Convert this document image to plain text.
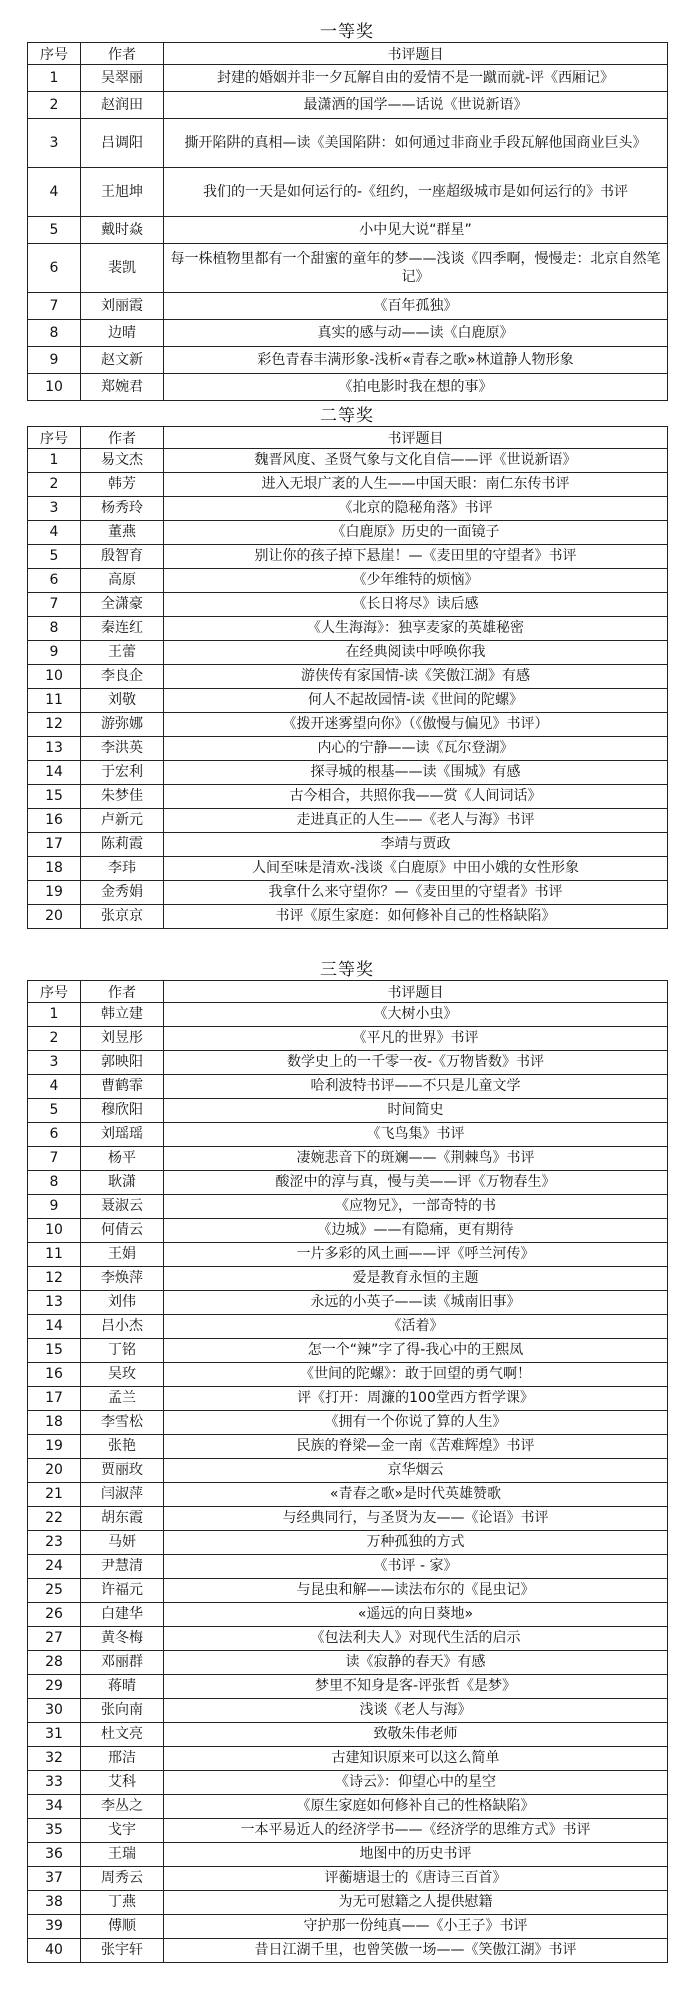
一等奖
序号	作者	书评题目
1	吴翠丽	封建的婚姻并非一夕瓦解自由的爱情不是一蹴而就-评《西厢记》
2	赵润田	最潇洒的国学——话说《世说新语》
3	吕调阳	撕开陷阱的真相—读《美国陷阱：如何通过非商业手段瓦解他国商业巨头》
4	王旭坤	我们的一天是如何运行的-《纽约，一座超级城市是如何运行的》书评
5	戴时焱	小中见大说“群星”
6	裴凯	每一株植物里都有一个甜蜜的童年的梦——浅谈《四季啊，慢慢走：北京自然笔记》
7	刘丽霞	《百年孤独》
8	边晴	真实的感与动——读《白鹿原》
9	赵文新	彩色青春丰满形象-浅析«青春之歌»林道静人物形象
10	郑婉君	《拍电影时我在想的事》
二等奖
序号	作者	书评题目
1	易文杰	魏晋风度、圣贤气象与文化自信——评《世说新语》
2	韩芳	进入无垠广袤的人生——中国天眼：南仁东传书评
3	杨秀玲	《北京的隐秘角落》书评
4	董燕	《白鹿原》历史的一面镜子
5	殷智育	别让你的孩子掉下悬崖！—《麦田里的守望者》书评
6	高原	《少年维特的烦恼》
7	全潇豪	《长日将尽》读后感
8	秦连红	《人生海海》：独享麦家的英雄秘密
9	王蕾	在经典阅读中呼唤你我
10	李良企	游侠传有家国情-读《笑傲江湖》有感
11	刘敬	何人不起故园情-读《世间的陀螺》
12	游弥娜	《拨开迷雾望向你》（《傲慢与偏见》书评）
13	李洪英	内心的宁静——读《瓦尔登湖》
14	于宏利	探寻城的根基——读《围城》有感
15	朱梦佳	古今相合，共照你我——赏《人间词话》
16	卢新元	走进真正的人生——《老人与海》书评
17	陈莉霞	李靖与贾政
18	李玮	人间至味是清欢-浅谈《白鹿原》中田小娥的女性形象
19	金秀娟	我拿什么来守望你？—《麦田里的守望者》书评
20	张京京	书评《原生家庭：如何修补自己的性格缺陷》
三等奖
序号	作者	书评题目
1	韩立建	《大树小虫》
2	刘昱彤	《平凡的世界》书评
3	郭映阳	数学史上的一千零一夜-《万物皆数》书评
4	曹鹤霏	哈利波特书评——不只是儿童文学
5	穆欣阳	时间简史
6	刘瑶瑶	《飞鸟集》书评
7	杨平	凄婉悲音下的斑斓——《荆棘鸟》书评
8	耿潇	酸涩中的淳与真，慢与美——评《万物春生》
9	聂淑云	《应物兄》，一部奇特的书
10	何倩云	《边城》——有隐痛，更有期待
11	王娟	一片多彩的风土画——评《呼兰河传》
12	李焕萍	爱是教育永恒的主题
13	刘伟	永远的小英子——读《城南旧事》
14	吕小杰	《活着》
15	丁铭	怎一个“辣”字了得-我心中的王熙凤
16	吴玫	《世间的陀螺》：敢于回望的勇气啊！
17	孟兰	评《打开：周濂的100堂西方哲学课》
18	李雪松	《拥有一个你说了算的人生》
19	张艳	民族的脊梁—金一南《苦难辉煌》书评
20	贾丽玫	京华烟云
21	闫淑萍	«青春之歌»是时代英雄赞歌
22	胡东霞	与经典同行，与圣贤为友——《论语》书评
23	马妍	万种孤独的方式
24	尹慧清	《书评 - 家》
25	许福元	与昆虫和解——读法布尔的《昆虫记》
26	白建华	«遥远的向日葵地»
27	黄冬梅	《包法利夫人》对现代生活的启示
28	邓丽群	读《寂静的春天》有感
29	蒋晴	梦里不知身是客-评张哲《是梦》
30	张向南	浅谈《老人与海》
31	杜文亮	致敬朱伟老师
32	邢洁	古建知识原来可以这么简单
33	艾科	《诗云》：仰望心中的星空
34	李丛之	《原生家庭如何修补自己的性格缺陷》
35	戈宇	一本平易近人的经济学书——《经济学的思维方式》书评
36	王瑞	地图中的历史书评
37	周秀云	评蘅塘退士的《唐诗三百首》
38	丁燕	为无可慰籍之人提供慰籍
39	傅顺	守护那一份纯真——《小王子》书评
40	张宇轩	昔日江湖千里，也曾笑傲一场——《笑傲江湖》书评
